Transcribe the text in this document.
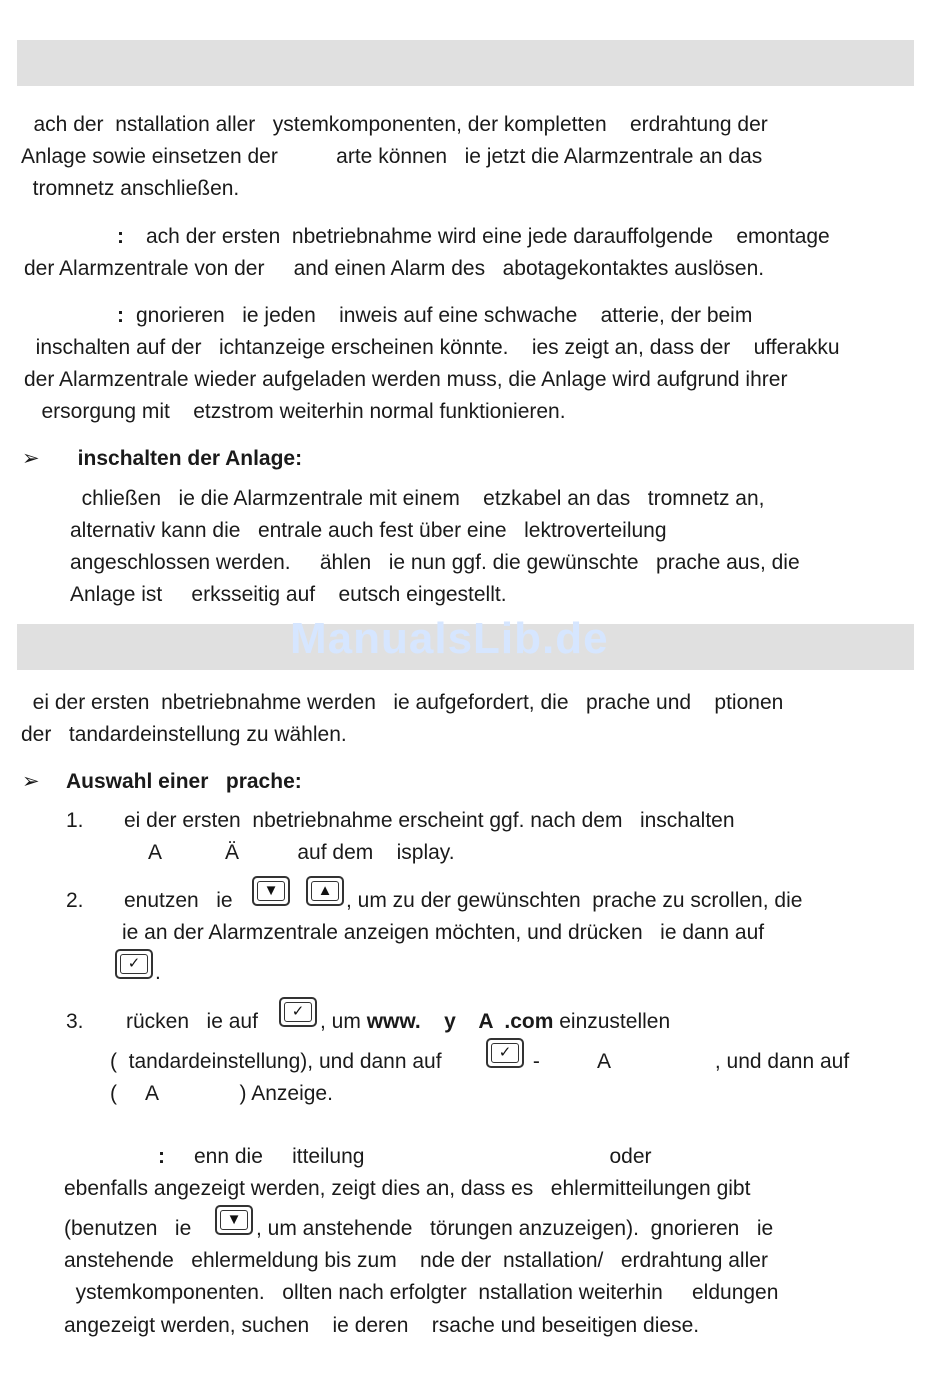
ManualsLib.de
ach der  nstallation aller   ystemkomponenten, der kompletten    erdrahtung der
Anlage sowie einsetzen der          arte können   ie jetzt die Alarmzentrale an das
tromnetz anschließen.
: ach der ersten  nbetriebnahme wird eine jede darauffolgende    emontage
der Alarmzentrale von der     and einen Alarm des   abotagekontaktes auslösen.
: gnorieren   ie jeden    inweis auf eine schwache    atterie, der beim
inschalten auf der   ichtanzeige erscheinen könnte.    ies zeigt an, dass der    ufferakku
der Alarmzentrale wieder aufgeladen werden muss, die Anlage wird aufgrund ihrer
ersorgung mit    etzstrom weiterhin normal funktionieren.
➢ inschalten der Anlage:
chließen   ie die Alarmzentrale mit einem    etzkabel an das   tromnetz an,
alternativ kann die   entrale auch fest über eine   lektroverteilung
angeschlossen werden.     ählen   ie nun ggf. die gewünschte   prache aus, die
Anlage ist     erksseitig auf    eutsch eingestellt.
ei der ersten  nbetriebnahme werden   ie aufgefordert, die   prache und    ptionen
der   tandardeinstellung zu wählen.
➢ Auswahl einer   prache:
1. ei der ersten  nbetriebnahme erscheint ggf. nach dem   inschalten
A           Ä          auf dem    isplay.
2. enutzen   ie	▼	▲ , um zu der gewünschten  prache zu scrollen, die
ie an der Alarmzentrale anzeigen möchten, und drücken   ie dann auf
✓ .
3. rücken   ie auf	✓ , um www.    y    A  .com einzustellen
(  tandardeinstellung), und dann auf	✓ -          A                  , und dann auf
(     A              ) Anzeige.
: enn die     itteilung                                          oder
ebenfalls angezeigt werden, zeigt dies an, dass es   ehlermitteilungen gibt
(benutzen   ie	▼ , um anstehende   törungen anzuzeigen).  gnorieren   ie
anstehende   ehlermeldung bis zum    nde der  nstallation/   erdrahtung aller
ystemkomponenten.   ollten nach erfolgter  nstallation weiterhin     eldungen
angezeigt werden, suchen    ie deren    rsache und beseitigen diese.
